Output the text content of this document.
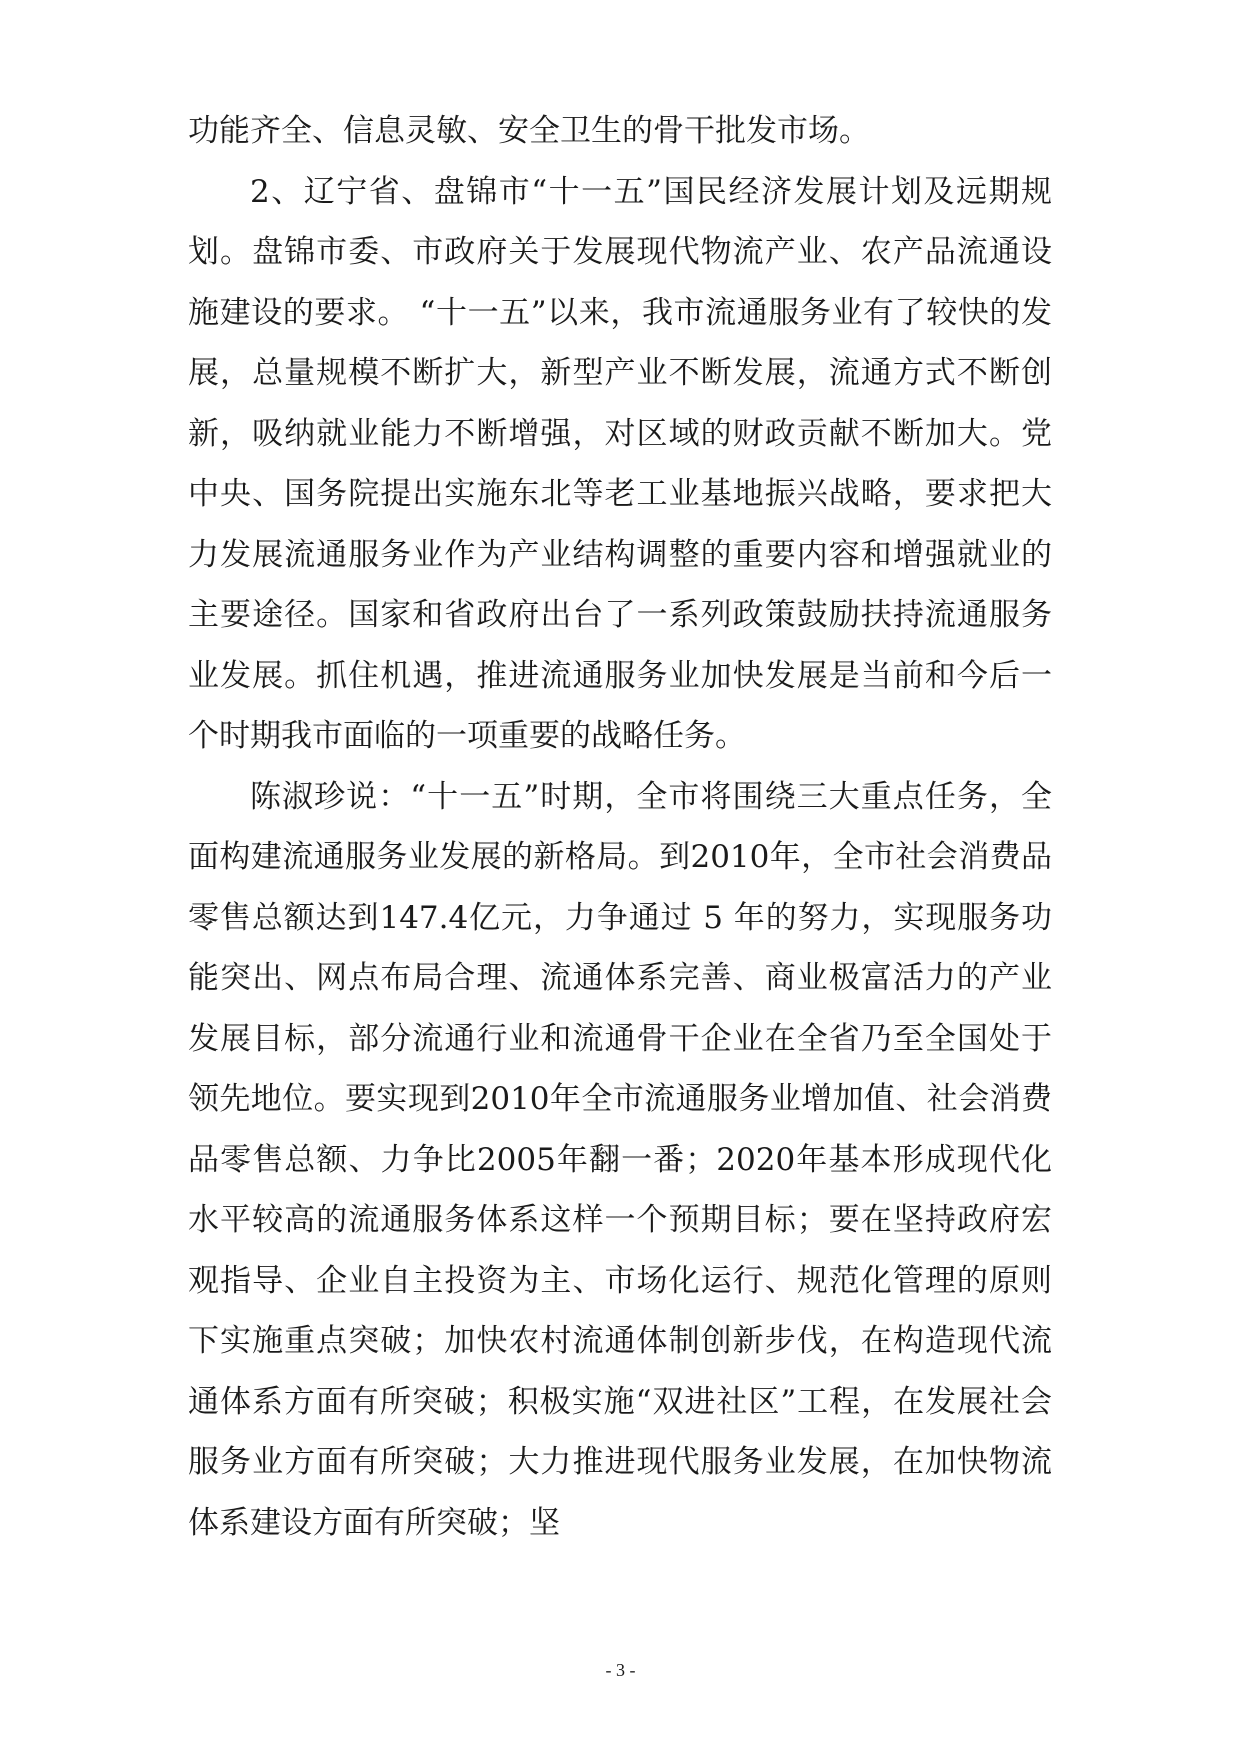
功能齐全、信息灵敏、安全卫生的骨干批发市场。

2、辽宁省、盘锦市“十一五”国民经济发展计划及远期规划。盘锦市委、市政府关于发展现代物流产业、农产品流通设施建设的要求。 “十一五”以来，我市流通服务业有了较快的发展，总量规模不断扩大，新型产业不断发展，流通方式不断创新，吸纳就业能力不断增强，对区域的财政贡献不断加大。党中央、国务院提出实施东北等老工业基地振兴战略，要求把大力发展流通服务业作为产业结构调整的重要内容和增强就业的主要途径。国家和省政府出台了一系列政策鼓励扶持流通服务业发展。抓住机遇，推进流通服务业加快发展是当前和今后一个时期我市面临的一项重要的战略任务。

陈淑珍说：“十一五”时期，全市将围绕三大重点任务，全面构建流通服务业发展的新格局。到2010年，全市社会消费品零售总额达到147.4亿元，力争通过 5 年的努力，实现服务功能突出、网点布局合理、流通体系完善、商业极富活力的产业发展目标，部分流通行业和流通骨干企业在全省乃至全国处于领先地位。要实现到2010年全市流通服务业增加值、社会消费品零售总额、力争比2005年翻一番；2020年基本形成现代化水平较高的流通服务体系这样一个预期目标；要在坚持政府宏观指导、企业自主投资为主、市场化运行、规范化管理的原则下实施重点突破；加快农村流通体制创新步伐，在构造现代流通体系方面有所突破；积极实施“双进社区”工程，在发展社会服务业方面有所突破；大力推进现代服务业发展，在加快物流体系建设方面有所突破；坚

- 3 -
